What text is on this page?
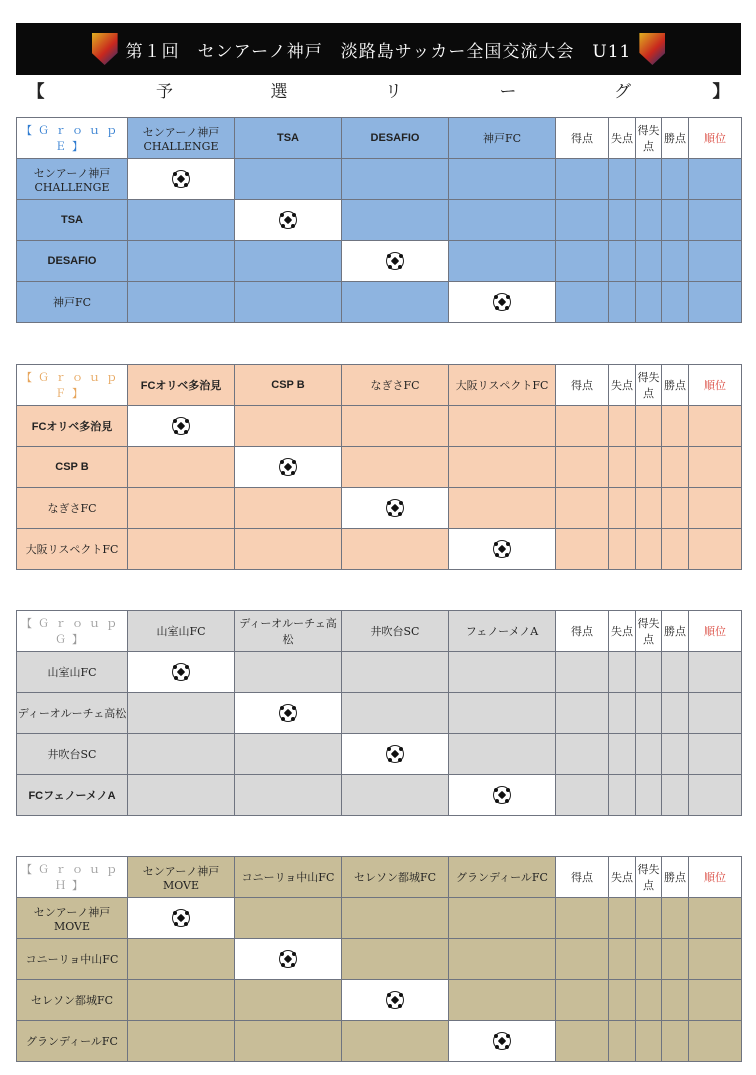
第１回　センアーノ神戸　淡路島サッカー全国交流大会　U11
【	予	選	リ	ー	グ	】
【Ｇｒｏｕｐ　Ｅ】	センアーノ神戸CHALLENGE	TSA	DESAFIO	神戸FC	得点	失点	得失点	勝点	順位
センアーノ神戸CHALLENGE									
TSA									
DESAFIO									
神戸FC									
【Ｇｒｏｕｐ　Ｆ】	FCオリベ多治見	CSP B	なぎさFC	大阪リスペクトFC	得点	失点	得失点	勝点	順位
FCオリベ多治見									
CSP B									
なぎさFC									
大阪リスペクトFC									
【Ｇｒｏｕｐ　Ｇ】	山室山FC	ディーオルーチェ高松	井吹台SC	フェノーメノA	得点	失点	得失点	勝点	順位
山室山FC									
ディーオルーチェ高松									
井吹台SC									
FCフェノーメノA									
【Ｇｒｏｕｐ　Ｈ】	センアーノ神戸MOVE	コニーリョ中山FC	セレソン都城FC	グランディールFC	得点	失点	得失点	勝点	順位
センアーノ神戸MOVE									
コニーリョ中山FC									
セレソン都城FC									
グランディールFC									
